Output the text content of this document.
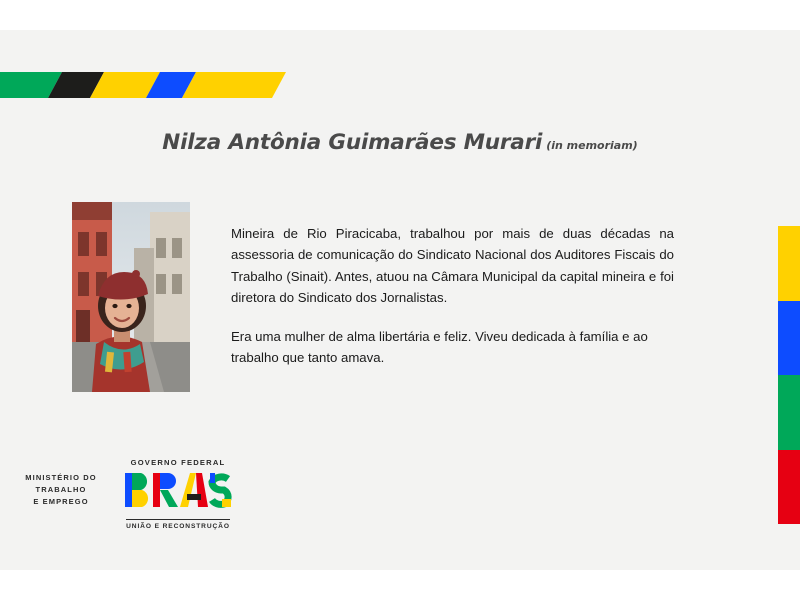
Nilza Antônia Guimarães Murari (in memoriam)

Mineira de Rio Piracicaba, trabalhou por mais de duas décadas na assessoria de comunicação do Sindicato Nacional dos Auditores Fiscais do Trabalho (Sinait). Antes, atuou na Câmara Municipal da capital mineira e foi diretora do Sindicato dos Jornalistas.

Era uma mulher de alma libertária e feliz. Viveu dedicada à família e ao trabalho que tanto amava.

MINISTÉRIO DO
TRABALHO
E EMPREGO
GOVERNO FEDERAL
UNIÃO E RECONSTRUÇÃO
